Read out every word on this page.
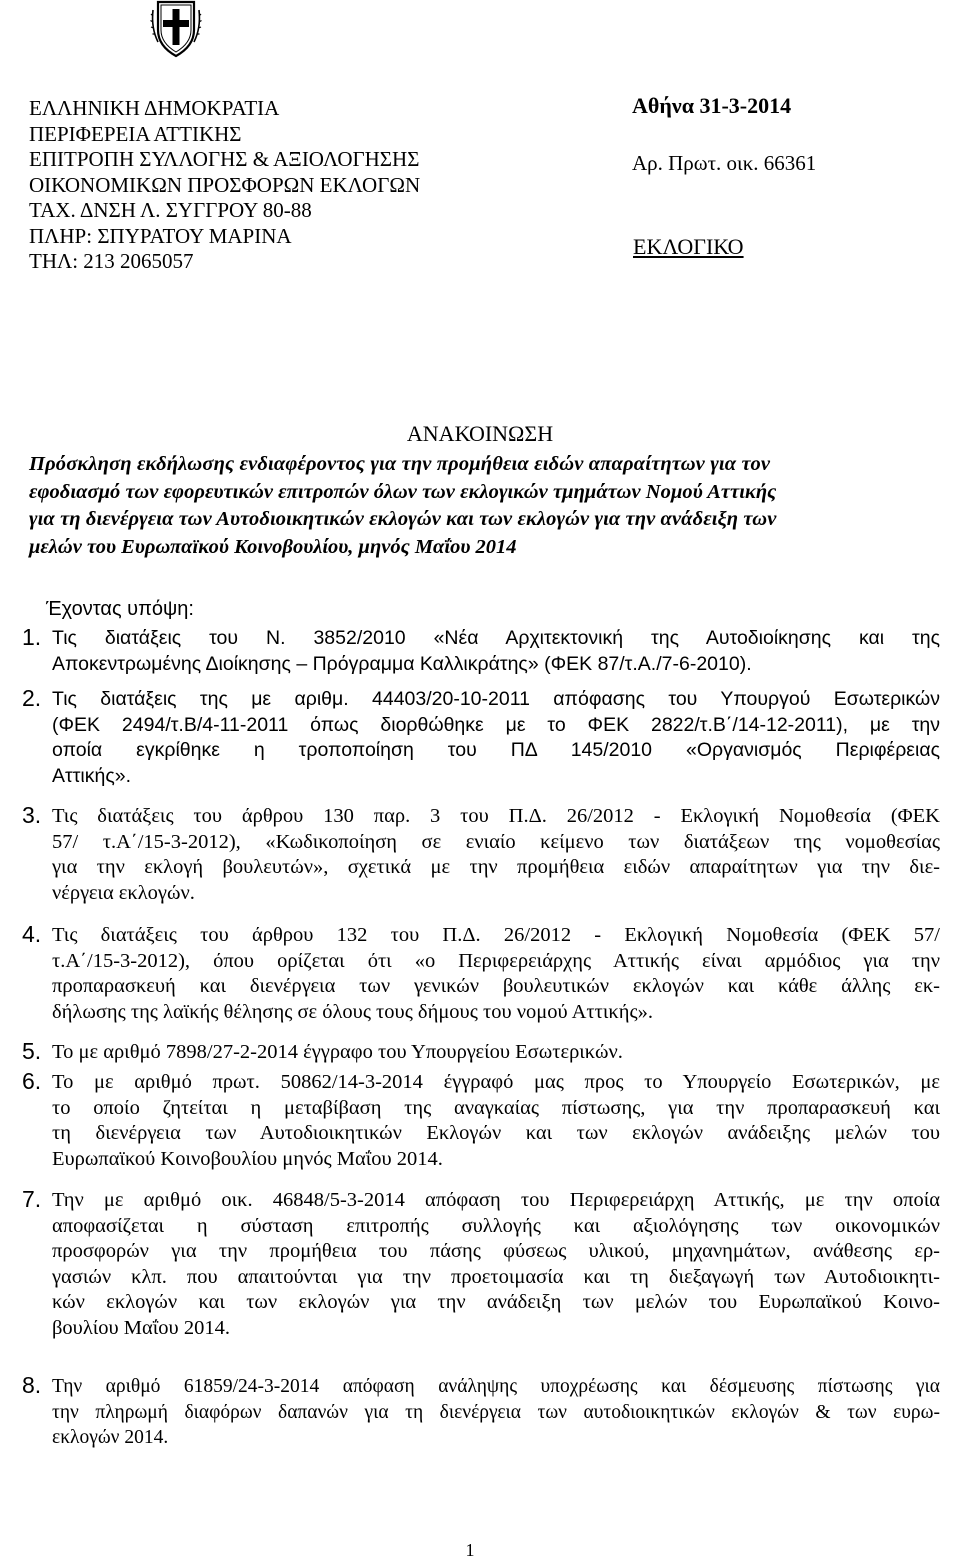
ΕΛΛΗΝΙΚΗ ΔΗΜΟΚΡΑΤΙΑ
ΠΕΡΙΦΕΡΕΙΑ ΑΤΤΙΚΗΣ
ΕΠΙΤΡΟΠΗ ΣΥΛΛΟΓΗΣ & ΑΞΙΟΛΟΓΗΣΗΣ
ΟΙΚΟΝΟΜΙΚΩΝ ΠΡΟΣΦΟΡΩΝ ΕΚΛΟΓΩΝ
ΤΑΧ. ΔΝΣΗ Λ. ΣΥΓΓΡΟΥ 80-88
ΠΛΗΡ: ΣΠΥΡΑΤΟΥ ΜΑΡΙΝΑ
ΤΗΛ: 213 2065057
Αθήνα 31-3-2014
Αρ. Πρωτ. οικ. 66361
ΕΚΛΟΓΙΚΟ
ΑΝΑΚΟΙΝΩΣΗ
Πρόσκληση εκδήλωσης ενδιαφέροντος για την προμήθεια ειδών απαραίτητων για τον
εφοδιασμό των εφορευτικών επιτροπών όλων των εκλογικών τμημάτων Νομού Αττικής
για τη διενέργεια των Αυτοδιοικητικών εκλογών και των εκλογών για την ανάδειξη των
μελών του Ευρωπαϊκού Κοινοβουλίου, μηνός Μαΐου 2014
Έχοντας υπόψη:
1. Τις διατάξεις του Ν. 3852/2010 «Νέα Αρχιτεκτονική της Αυτοδιοίκησης και της
Αποκεντρωμένης Διοίκησης – Πρόγραμμα Καλλικράτης» (ΦΕΚ 87/τ.Α./7-6-2010).
2. Τις διατάξεις της με αριθμ. 44403/20-10-2011 απόφασης του Υπουργού Εσωτερικών
(ΦΕΚ 2494/τ.Β/4-11-2011 όπως διορθώθηκε με το ΦΕΚ 2822/τ.Β΄/14-12-2011), με την
οποία εγκρίθηκε η τροποποίηση του ΠΔ 145/2010 «Οργανισμός Περιφέρειας
Αττικής».
3. Τις διατάξεις του άρθρου 130 παρ. 3 του Π.Δ. 26/2012 - Εκλογική Νομοθεσία (ΦΕΚ
57/ τ.Α΄/15-3-2012), «Κωδικοποίηση σε ενιαίο κείμενο των διατάξεων της νομοθεσίας
για την εκλογή βουλευτών», σχετικά με την προμήθεια ειδών απαραίτητων για την διε-
νέργεια εκλογών.
4. Τις διατάξεις του άρθρου 132 του Π.Δ. 26/2012 - Εκλογική Νομοθεσία (ΦΕΚ 57/
τ.Α΄/15-3-2012), όπου ορίζεται ότι «ο Περιφερειάρχης Αττικής είναι αρμόδιος για την
προπαρασκευή και διενέργεια των γενικών βουλευτικών εκλογών και κάθε άλλης εκ-
δήλωσης της λαϊκής θέλησης σε όλους τους δήμους του νομού Αττικής».
5. Το με αριθμό 7898/27-2-2014 έγγραφο του Υπουργείου Εσωτερικών.
6. Το με αριθμό πρωτ. 50862/14-3-2014 έγγραφό μας προς το Υπουργείο Εσωτερικών, με
το οποίο ζητείται η μεταβίβαση της αναγκαίας πίστωσης, για την προπαρασκευή και
τη διενέργεια των Αυτοδιοικητικών Εκλογών και των εκλογών ανάδειξης μελών του
Ευρωπαϊκού Κοινοβουλίου μηνός Μαΐου 2014.
7. Την με αριθμό οικ. 46848/5-3-2014 απόφαση του Περιφερειάρχη Αττικής, με την οποία
αποφασίζεται η σύσταση επιτροπής συλλογής και αξιολόγησης των οικονομικών
προσφορών για την προμήθεια του πάσης φύσεως υλικού, μηχανημάτων, ανάθεσης ερ-
γασιών κλπ. που απαιτούνται για την προετοιμασία και τη διεξαγωγή των Αυτοδιοικητι-
κών εκλογών και των εκλογών για την ανάδειξη των μελών του Ευρωπαϊκού Κοινο-
βουλίου Μαΐου 2014.
8. Την αριθμό 61859/24-3-2014 απόφαση ανάληψης υποχρέωσης και δέσμευσης πίστωσης για
την πληρωμή διαφόρων δαπανών για τη διενέργεια των αυτοδιοικητικών εκλογών & των ευρω-
εκλογών 2014.
1
